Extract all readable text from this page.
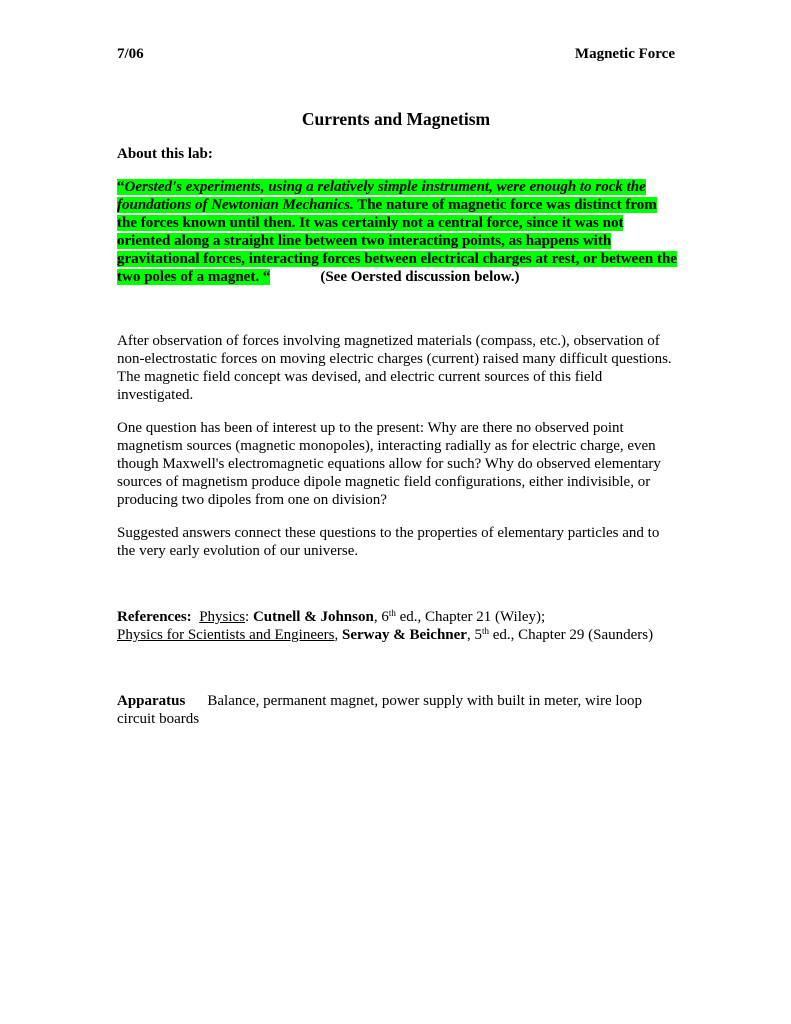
7/06	Magnetic Force
Currents and Magnetism
About this lab:
“Oersted's experiments, using a relatively simple instrument, were enough to rock the foundations of Newtonian Mechanics. The nature of magnetic force was distinct from the forces known until then. It was certainly not a central force, since it was not oriented along a straight line between two interacting points, as happens with gravitational forces, interacting forces between electrical charges at rest, or between the two poles of a magnet. “	(See Oersted discussion below.)

After observation of forces involving magnetized materials (compass, etc.), observation of non-electrostatic forces on moving electric charges (current) raised many difficult questions. The magnetic field concept was devised, and electric current sources of this field investigated.

One question has been of interest up to the present: Why are there no observed point magnetism sources (magnetic monopoles), interacting radially as for electric charge, even though Maxwell's electromagnetic equations allow for such? Why do observed elementary sources of magnetism produce dipole magnetic field configurations, either indivisible, or producing two dipoles from one on division?

Suggested answers connect these questions to the properties of elementary particles and to the very early evolution of our universe.

References: Physics: Cutnell & Johnson, 6th ed., Chapter 21 (Wiley);
Physics for Scientists and Engineers, Serway & Beichner, 5th ed., Chapter 29 (Saunders)
Apparatus Balance, permanent magnet, power supply with built in meter, wire loop circuit boards
